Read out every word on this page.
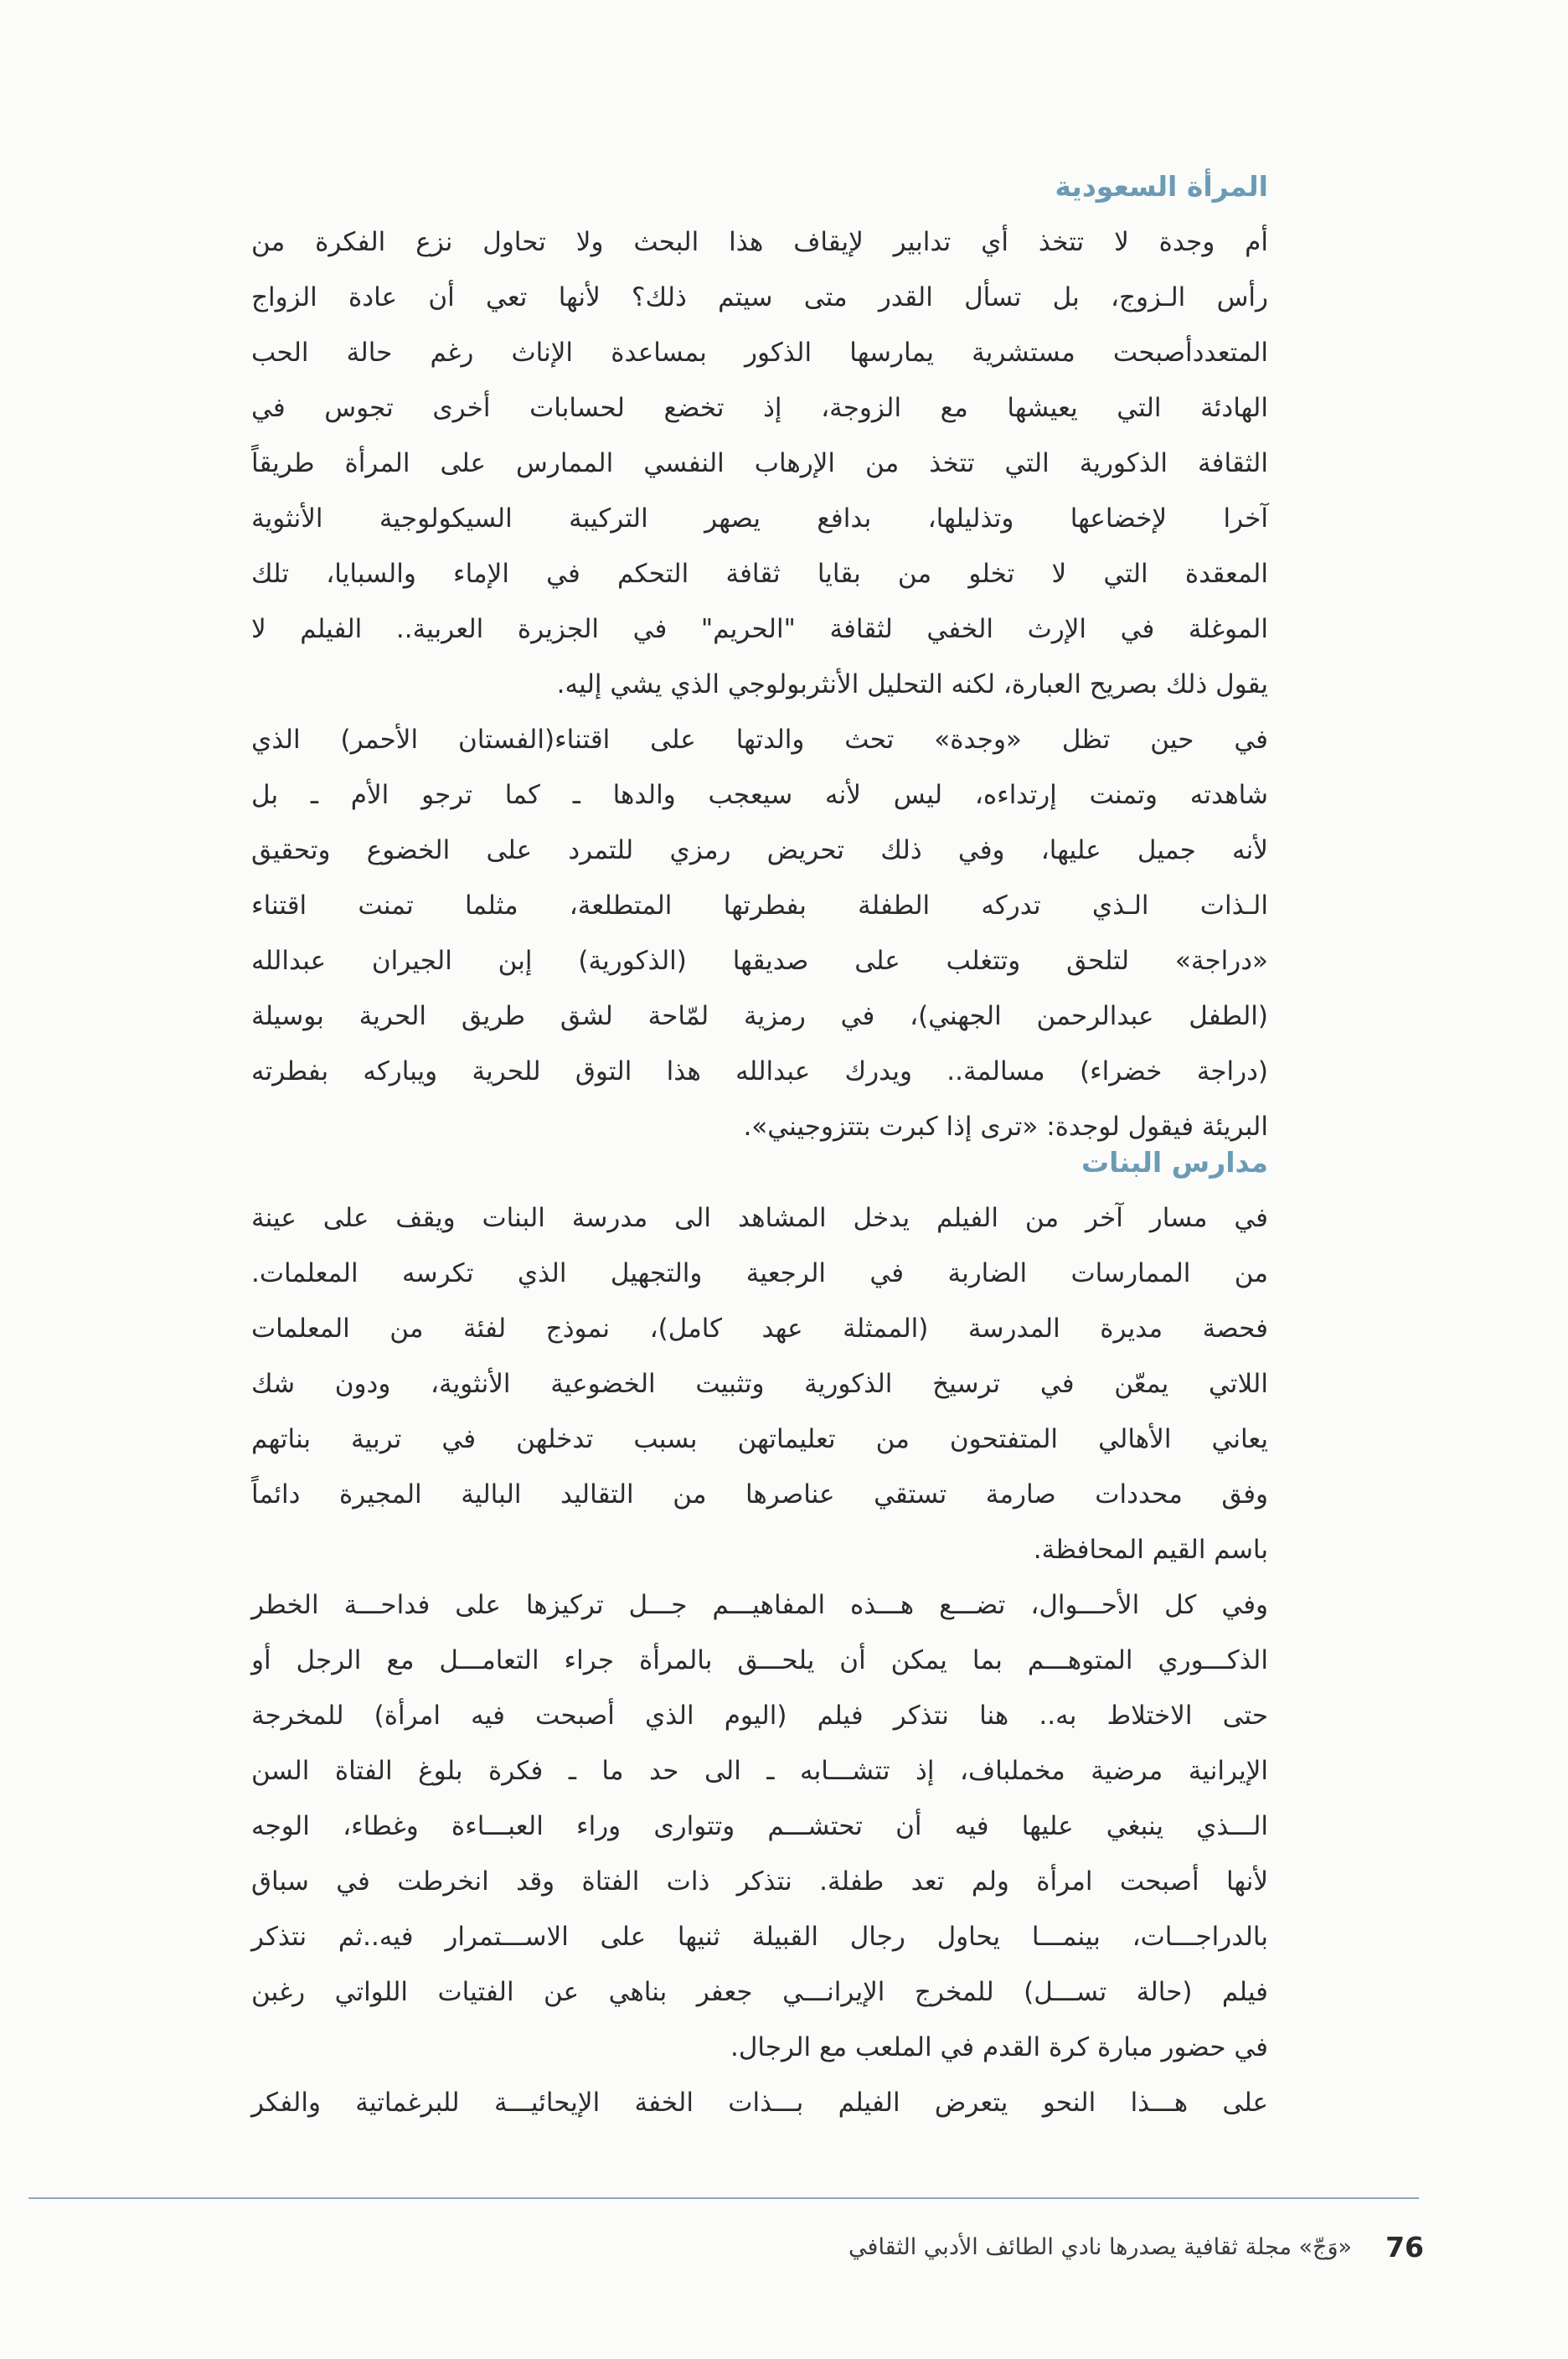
المرأة السعودية
أم وجدة لا تتخذ أي تدابير لإيقاف هذا البحث ولا تحاول نزع الفكرة من
رأس الـزوج، بل تسأل القدر متى سيتم ذلك؟ لأنها تعي أن عادة الزواج
المتعددأصبحت مستشرية يمارسها الذكور بمساعدة الإناث رغم حالة الحب
الهادئة التي يعيشها مع الزوجة، إذ تخضع لحسابات أخرى تجوس في
الثقافة الذكورية التي تتخذ من الإرهاب النفسي الممارس على المرأة طريقاً
آخرا لإخضاعها وتذليلها، بدافع يصهر التركيبة السيكولوجية الأنثوية
المعقدة التي لا تخلو من بقايا ثقافة التحكم في الإماء والسبايا، تلك
الموغلة في الإرث الخفي لثقافة "الحريم" في الجزيرة العربية.. الفيلم لا
يقول ذلك بصريح العبارة، لكنه التحليل الأنثربولوجي الذي يشي إليه.
في حين تظل «وجدة» تحث والدتها على اقتناء(الفستان الأحمر) الذي
شاهدته وتمنت إرتداءه، ليس لأنه سيعجب والدها ـ كما ترجو الأم ـ بل
لأنه جميل عليها، وفي ذلك تحريض رمزي للتمرد على الخضوع وتحقيق
الـذات الـذي تدركه الطفلة بفطرتها المتطلعة، مثلما تمنت اقتناء
«دراجة» لتلحق وتتغلب على صديقها (الذكورية) إبن الجيران عبدالله
(الطفل عبدالرحمن الجهني)، في رمزية لمّاحة لشق طريق الحرية بوسيلة
(دراجة خضراء) مسالمة.. ويدرك عبدالله هذا التوق للحرية ويباركه بفطرته
البريئة فيقول لوجدة: «ترى إذا كبرت بتتزوجيني».
مدارس البنات
في مسار آخر من الفيلم يدخل المشاهد الى مدرسة البنات ويقف على عينة
من الممارسات الضاربة في الرجعية والتجهيل الذي تكرسه المعلمات.
فحصة مديرة المدرسة (الممثلة عهد كامل)، نموذج لفئة من المعلمات
اللاتي يمعّن في ترسيخ الذكورية وتثبيت الخضوعية الأنثوية، ودون شك
يعاني الأهالي المتفتحون من تعليماتهن بسبب تدخلهن في تربية بناتهم
وفق محددات صارمة تستقي عناصرها من التقاليد البالية المجيرة دائماً
باسم القيم المحافظة.
وفي كل الأحـــوال، تضـــع هـــذه المفاهيـــم جـــل تركيزها على فداحـــة الخطر
الذكـــوري المتوهـــم بما يمكن أن يلحـــق بالمرأة جراء التعامـــل مع الرجل أو
حتى الاختلاط به.. هنا نتذكر فيلم (اليوم الذي أصبحت فيه امرأة) للمخرجة
الإيرانية مرضية مخملباف، إذ تتشـــابه ـ الى حد ما ـ فكرة بلوغ الفتاة السن
الـــذي ينبغي عليها فيه أن تحتشـــم وتتوارى وراء العبـــاءة وغطاء، الوجه
لأنها أصبحت امرأة ولم تعد طفلة. نتذكر ذات الفتاة وقد انخرطت في سباق
بالدراجـــات، بينمـــا يحاول رجال القبيلة ثنيها على الاســـتمرار فيه..ثم نتذكر
فيلم (حالة تســـل) للمخرج الإيرانـــي جعفر بناهي عن الفتيات اللواتي رغبن
في حضور مبارة كرة القدم في الملعب مع الرجال.
على هـــذا النحو يتعرض الفيلم بـــذات الخفة الإيحائيـــة للبرغماتية والفكر
76
«وَجّ» مجلة ثقافية يصدرها نادي الطائف الأدبي الثقافي
